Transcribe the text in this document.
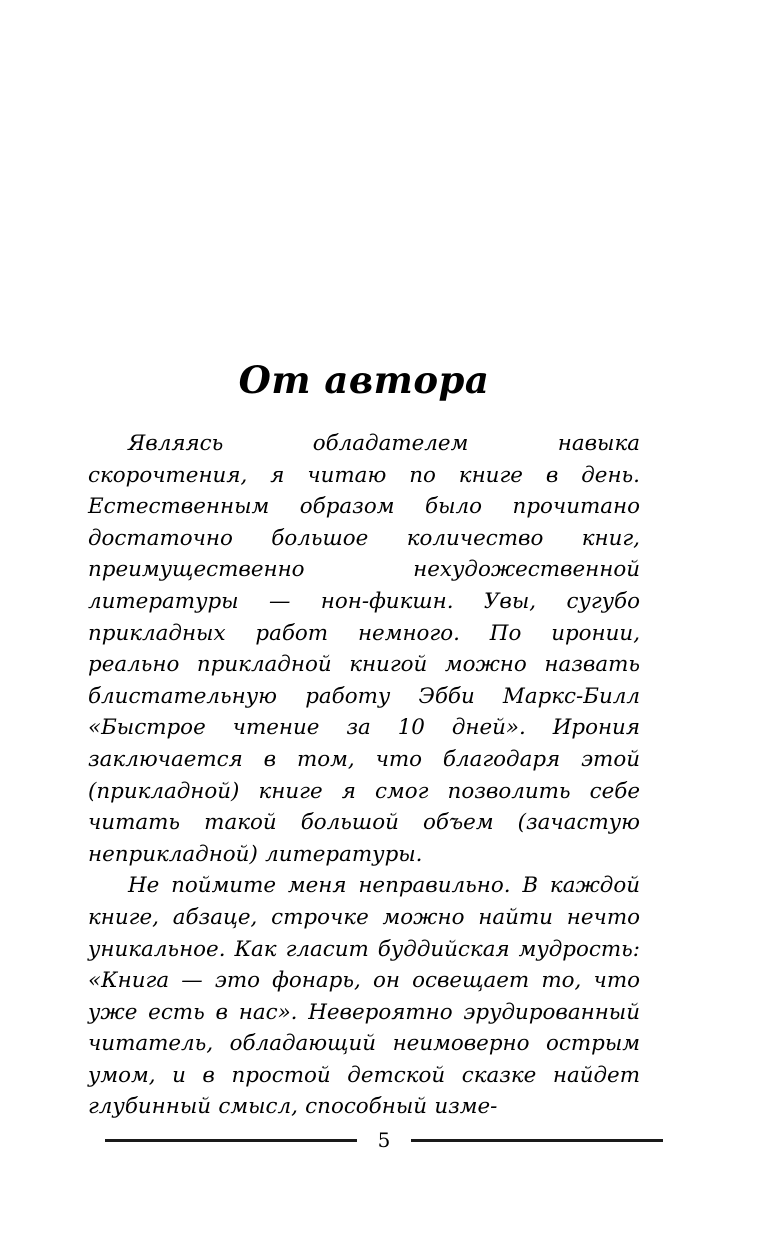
От автора

Являясь обладателем навыка скорочтения, я читаю по книге в день. Естественным образом было прочитано достаточно большое количество книг, преимущественно нехудожественной литературы — нон-фикшн. Увы, сугубо прикладных работ немного. По иронии, реально прикладной книгой можно назвать блистательную работу Эбби Маркс-Билл «Быстрое чтение за 10 дней». Ирония заключается в том, что благодаря этой (прикладной) книге я смог позволить себе читать такой большой объем (зачастую неприкладной) литературы.

Не поймите меня неправильно. В каждой книге, абзаце, строчке можно найти нечто уникальное. Как гласит буддийская мудрость: «Книга — это фонарь, он освещает то, что уже есть в нас». Невероятно эрудированный читатель, обладающий неимоверно острым умом, и в простой детской сказке найдет глубинный смысл, способный изме-

5
